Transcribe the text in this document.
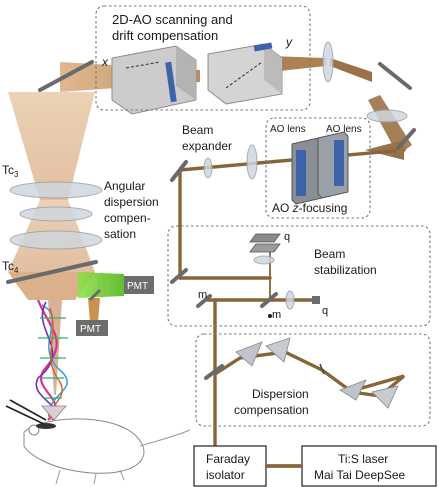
2D-AO scanning and
drift compensation
x
y
Beam
expander
AO lens AO lens
AO z-focusing
$Tc_3$
$Tc_4$
Angular
dispersion
compen-
sation
PMT
PMT
Beam
stabilization
q
q
m
m
Dispersion
compensation
Faraday
isolator
Ti:S laser
Mai Tai DeepSee
